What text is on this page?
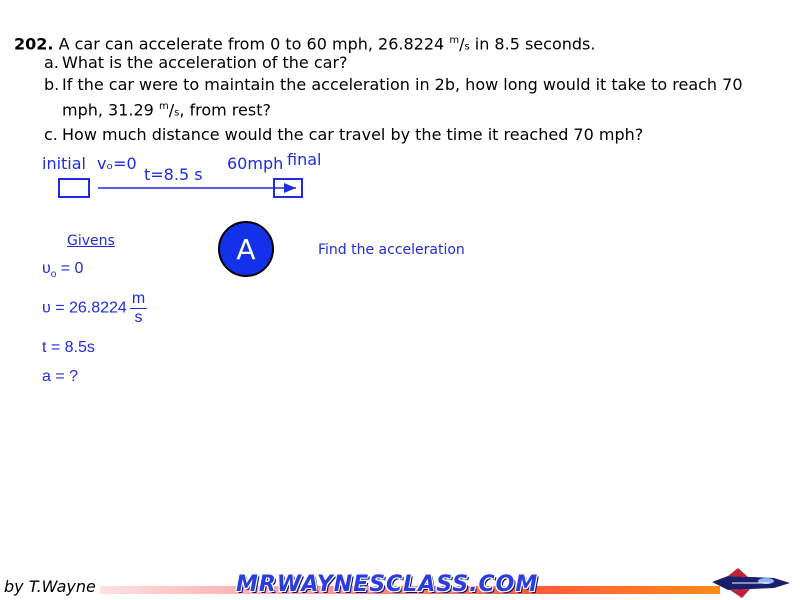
202. A car can accelerate from 0 to 60 mph, 26.8224 $^m$/s in 8.5 seconds.
a. What is the acceleration of the car?
b. If the car were to maintain the acceleration in 2b, how long would it take to reach 70 mph, 31.29 $^m$/s, from rest?
c. How much distance would the car travel by the time it reached 70 mph?
initial vₒ=0
t=8.5 s
60mph final
Givens
$\upsilon_o = 0$
$\upsilon = 26.8224 \frac{m}{s}$
t = 8.5s
a = ?
A	Find the acceleration
by T.Wayne	MRWAYNESCLASS.COM
